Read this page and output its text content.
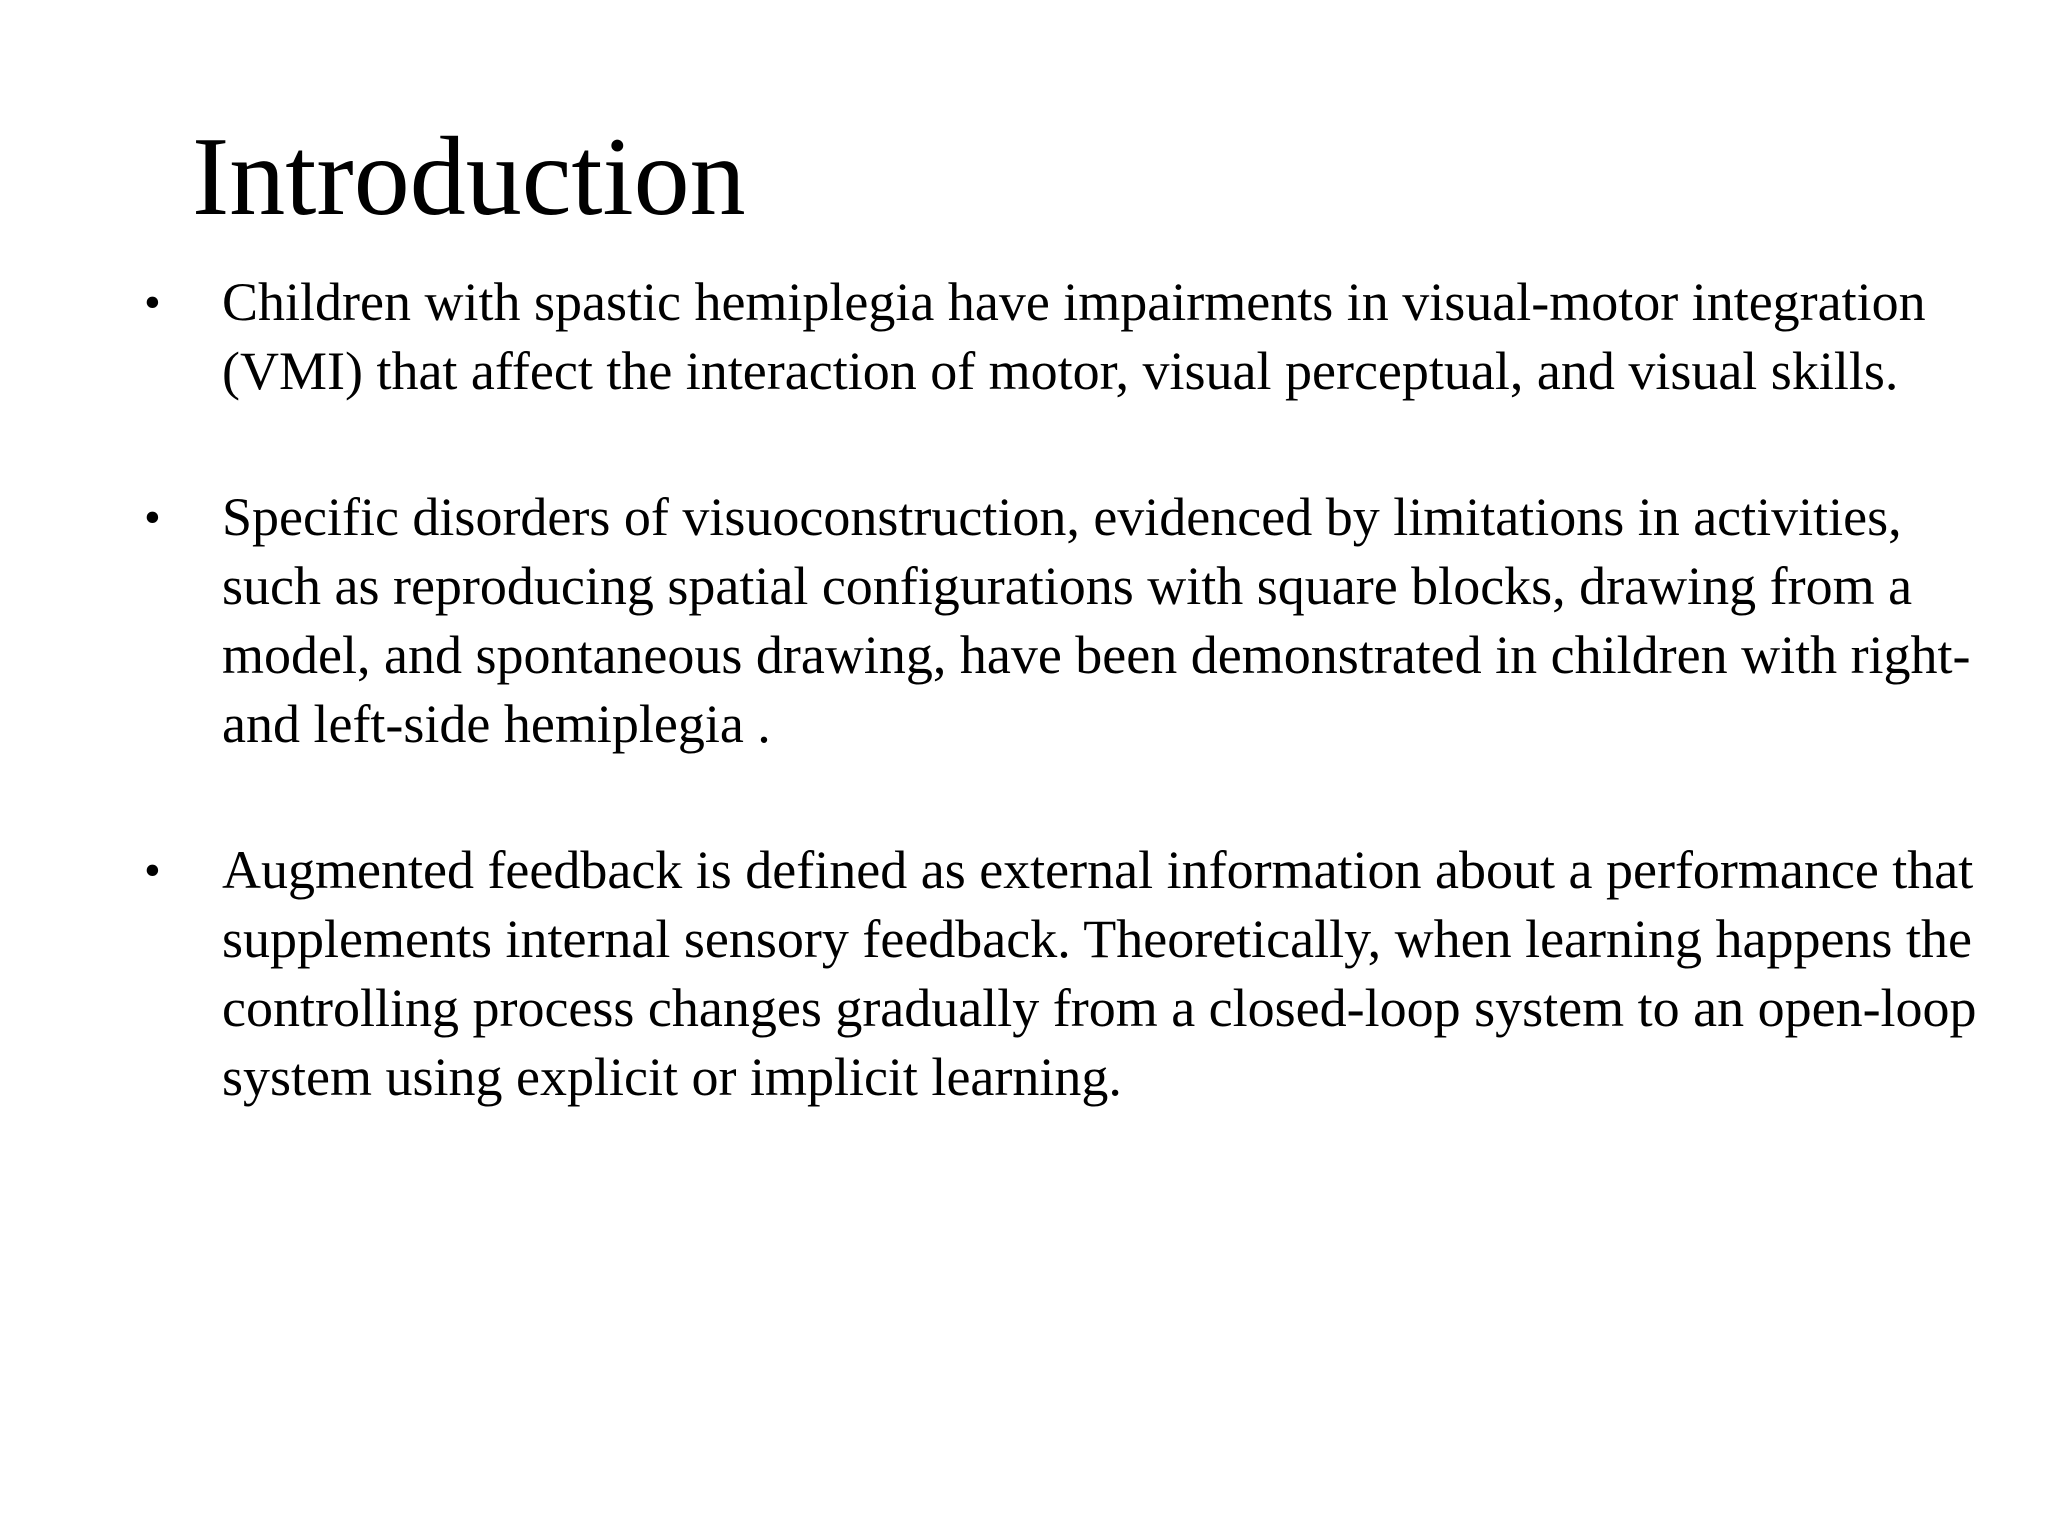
Introduction
• Children with spastic hemiplegia have impairments in visual-motor integration (VMI) that affect the interaction of motor, visual perceptual, and visual skills.
• Specific disorders of visuoconstruction, evidenced by limitations in activities, such as reproducing spatial configurations with square blocks, drawing from a model, and spontaneous drawing, have been demonstrated in children with right- and left-side hemiplegia .
• Augmented feedback is defined as external information about a performance that supplements internal sensory feedback. Theoretically, when learning happens the controlling process changes gradually from a closed-loop system to an open-loop system using explicit or implicit learning.
